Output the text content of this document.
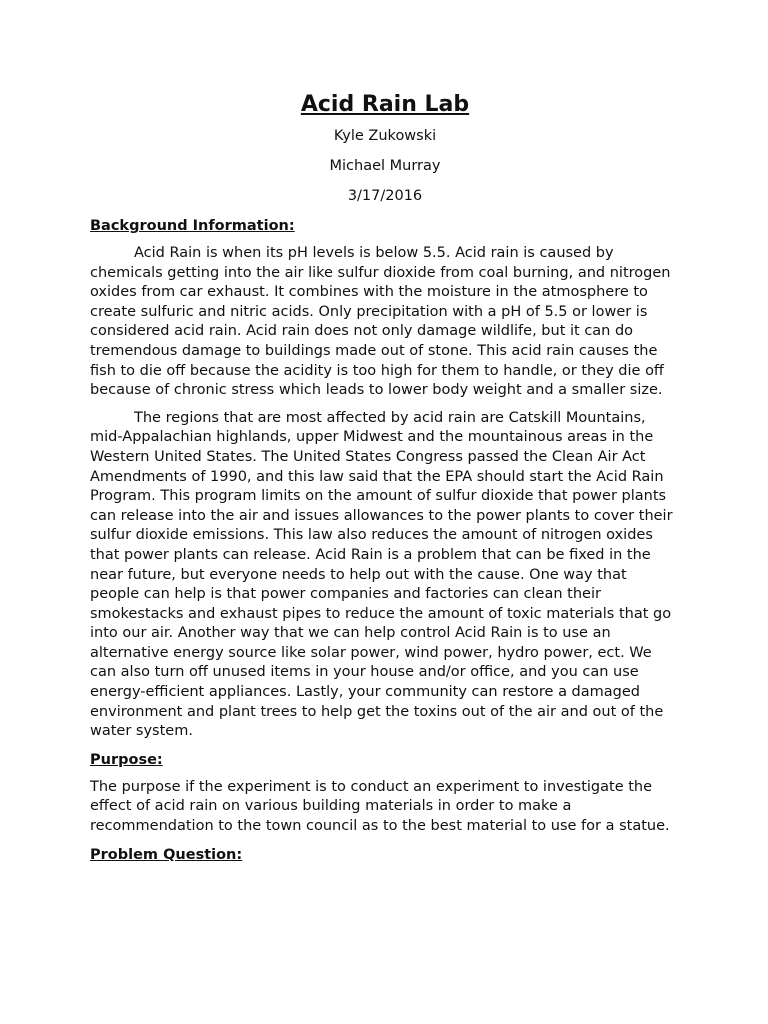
Acid Rain Lab
Kyle Zukowski
Michael Murray
3/17/2016
Background Information:

Acid Rain is when its pH levels is below 5.5. Acid rain is caused by chemicals getting into the air like sulfur dioxide from coal burning, and nitrogen oxides from car exhaust. It combines with the moisture in the atmosphere to create sulfuric and nitric acids. Only precipitation with a pH of 5.5 or lower is considered acid rain. Acid rain does not only damage wildlife, but it can do tremendous damage to buildings made out of stone. This acid rain causes the fish to die off because the acidity is too high for them to handle, or they die off because of chronic stress which leads to lower body weight and a smaller size.

The regions that are most affected by acid rain are Catskill Mountains, mid-Appalachian highlands, upper Midwest and the mountainous areas in the Western United States. The United States Congress passed the Clean Air Act Amendments of 1990, and this law said that the EPA should start the Acid Rain Program. This program limits on the amount of sulfur dioxide that power plants can release into the air and issues allowances to the power plants to cover their sulfur dioxide emissions. This law also reduces the amount of nitrogen oxides that power plants can release. Acid Rain is a problem that can be fixed in the near future, but everyone needs to help out with the cause. One way that people can help is that power companies and factories can clean their smokestacks and exhaust pipes to reduce the amount of toxic materials that go into our air. Another way that we can help control Acid Rain is to use an alternative energy source like solar power, wind power, hydro power, ect. We can also turn off unused items in your house and/or office, and you can use energy-efficient appliances. Lastly, your community can restore a damaged environment and plant trees to help get the toxins out of the air and out of the water system.

Purpose:

The purpose if the experiment is to conduct an experiment to investigate the effect of acid rain on various building materials in order to make a recommendation to the town council as to the best material to use for a statue.

Problem Question:
